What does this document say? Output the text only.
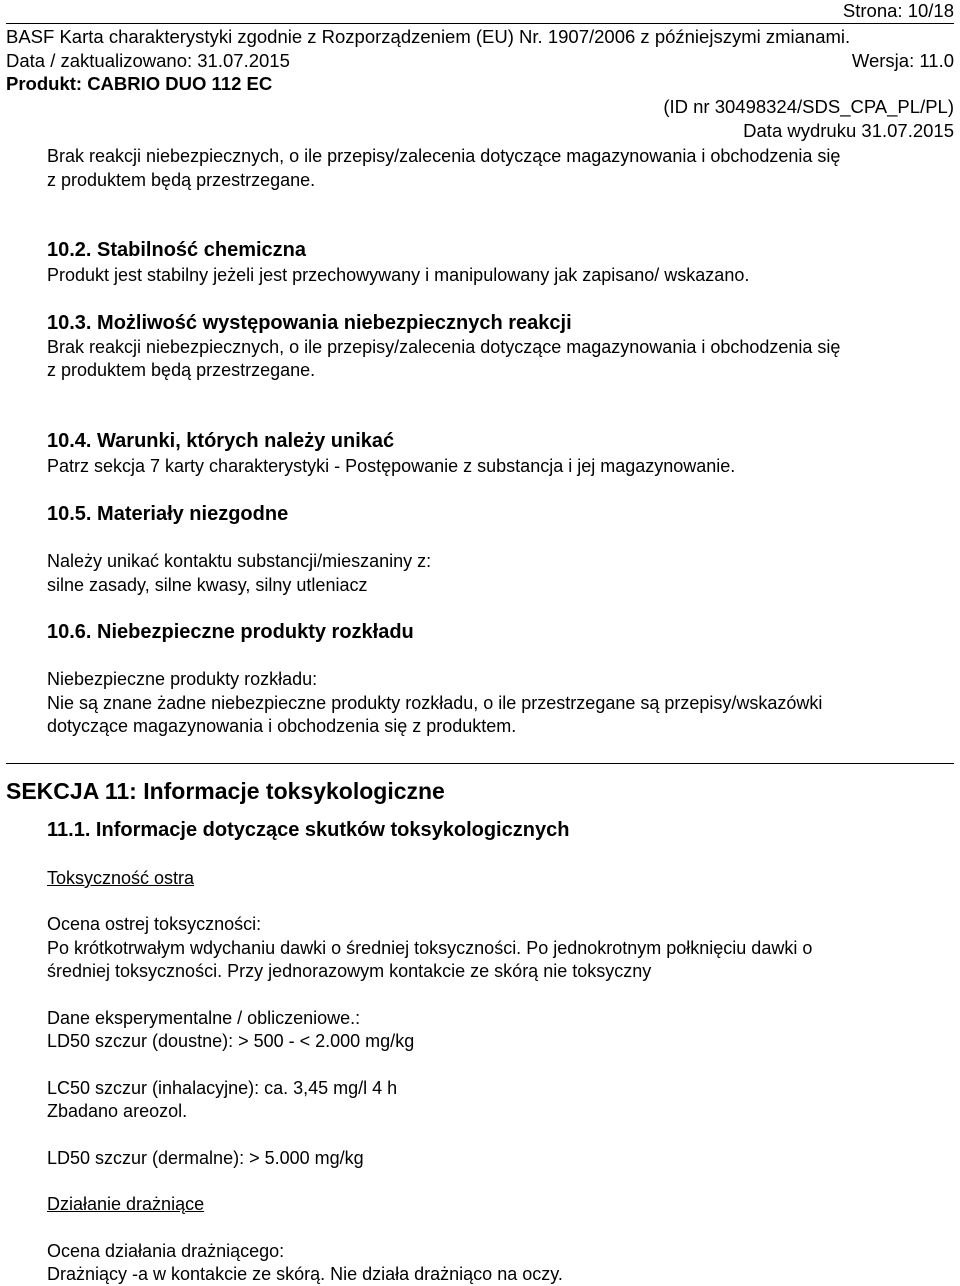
Strona: 10/18
BASF Karta charakterystyki zgodnie z Rozporządzeniem (EU) Nr. 1907/2006 z późniejszymi zmianami.
Data / zaktualizowano: 31.07.2015	Wersja: 11.0
Produkt: CABRIO DUO 112 EC
(ID nr 30498324/SDS_CPA_PL/PL)
Data wydruku 31.07.2015
Brak reakcji niebezpiecznych, o ile przepisy/zalecenia dotyczące magazynowania i obchodzenia się
z produktem będą przestrzegane.
10.2. Stabilność chemiczna
Produkt jest stabilny jeżeli jest przechowywany i manipulowany jak zapisano/ wskazano.
10.3. Możliwość występowania niebezpiecznych reakcji
Brak reakcji niebezpiecznych, o ile przepisy/zalecenia dotyczące magazynowania i obchodzenia się
z produktem będą przestrzegane.
10.4. Warunki, których należy unikać
Patrz sekcja 7 karty charakterystyki - Postępowanie z substancja i jej magazynowanie.
10.5. Materiały niezgodne
Należy unikać kontaktu substancji/mieszaniny z:
silne zasady, silne kwasy, silny utleniacz
10.6. Niebezpieczne produkty rozkładu
Niebezpieczne produkty rozkładu:
Nie są znane żadne niebezpieczne produkty rozkładu, o ile przestrzegane są przepisy/wskazówki
dotyczące magazynowania i obchodzenia się z produktem.
SEKCJA 11: Informacje toksykologiczne
11.1. Informacje dotyczące skutków toksykologicznych
Toksyczność ostra
Ocena ostrej toksyczności:
Po krótkotrwałym wdychaniu dawki o średniej toksyczności. Po jednokrotnym połknięciu dawki o
średniej toksyczności. Przy jednorazowym kontakcie ze skórą nie toksyczny
Dane eksperymentalne / obliczeniowe.:
LD50 szczur (doustne): > 500 - < 2.000 mg/kg
LC50 szczur (inhalacyjne): ca. 3,45 mg/l 4 h
Zbadano areozol.
LD50 szczur (dermalne): > 5.000 mg/kg
Działanie drażniące
Ocena działania drażniącego:
Drażniący -a w kontakcie ze skórą. Nie działa drażniąco na oczy.
